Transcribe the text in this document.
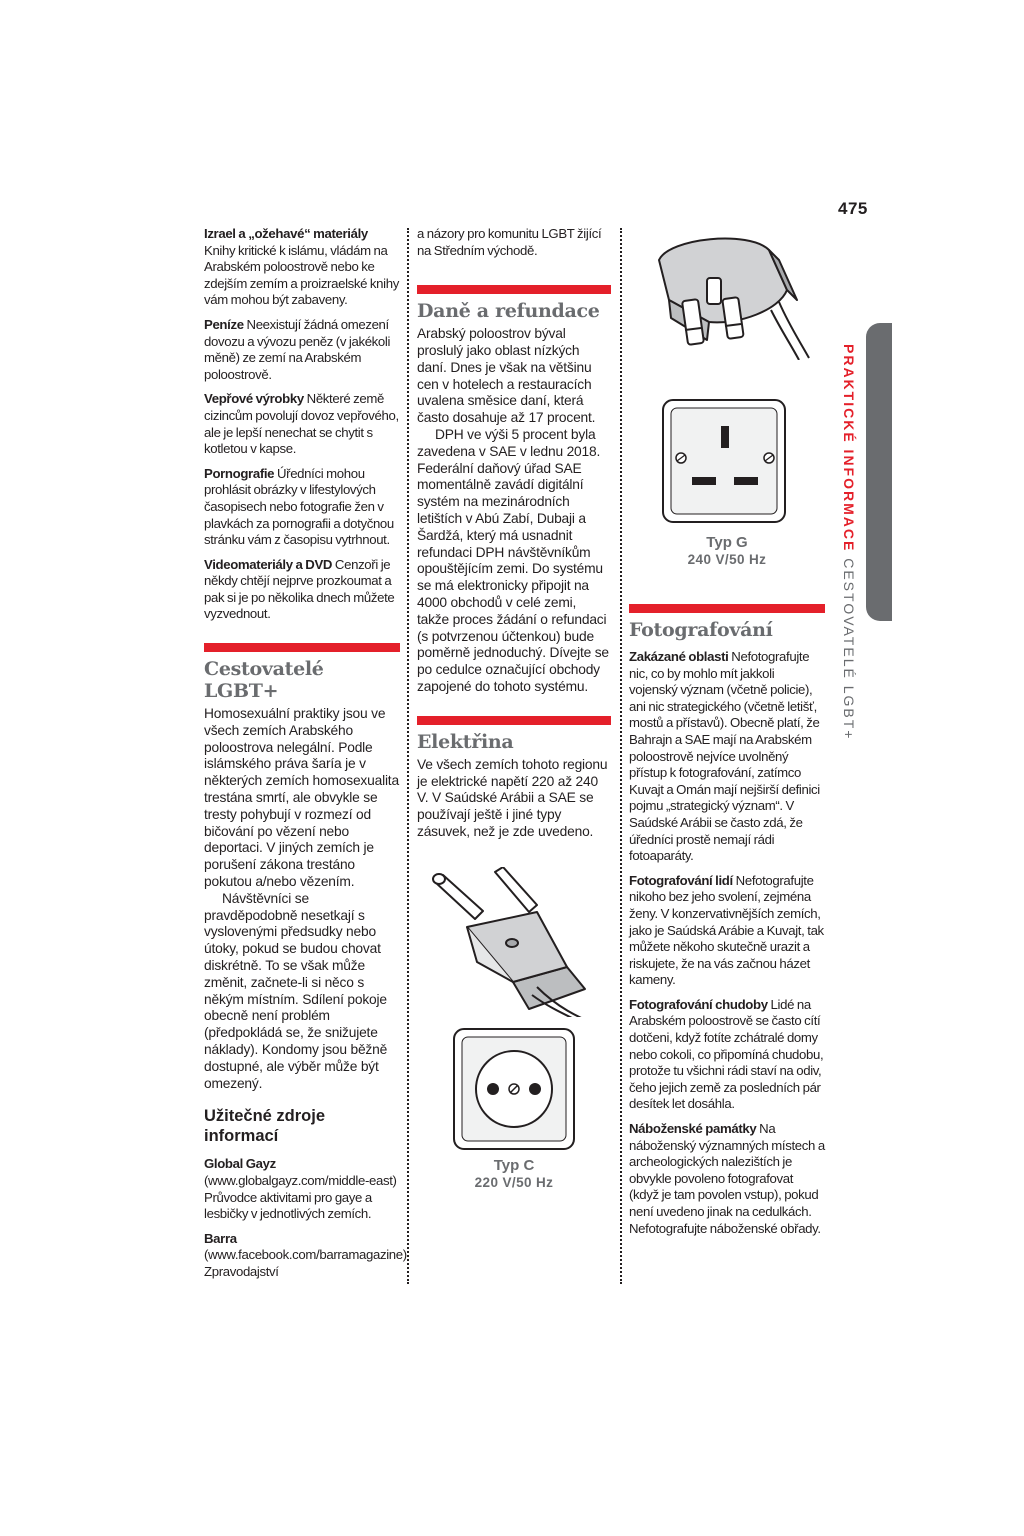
475
PRAKTICKÉ INFORMACE CESTOVATELÉ LGBT+

Izrael a „ožehavé“ materiály
Knihy kritické k islámu, vládám na Arabském poloostrově nebo ke zdejším zemím a proizraelské knihy vám mohou být zabaveny.

Peníze Neexistují žádná omezení dovozu a vývozu peněz (v jakékoli měně) ze zemí na Arabském poloostrově.

Vepřové výrobky Některé země cizincům povolují dovoz vepřového, ale je lepší nenechat se chytit s kotletou v kapse.

Pornografie Úředníci mohou prohlásit obrázky v lifestylových časopisech nebo fotografie žen v plavkách za pornografii a dotyčnou stránku vám z časopisu vytrhnout.

Videomateriály a DVD Cenzoři je někdy chtějí nejprve prozkoumat a pak si je po několika dnech můžete vyzvednout.

Cestovatelé LGBT+

Homosexuální praktiky jsou ve všech zemích Arabského poloostrova nelegální. Podle islámského práva šaría je v některých zemích homosexualita trestána smrtí, ale obvykle se tresty pohybují v rozmezí od bičování po vězení nebo deportaci. V jiných zemích je porušení zákona trestáno pokutou a/nebo vězením.

Návštěvníci se pravděpodobně nesetkají s vyslovenými předsudky nebo útoky, pokud se budou chovat diskrétně. To se však může změnit, začnete-li si něco s někým místním. Sdílení pokoje obecně není problém (předpokládá se, že snižujete náklady). Kondomy jsou běžně dostupné, ale výběr může být omezený.

Užitečné zdroje informací

Global Gayz (www.globalgayz.com/middle-east) Průvodce aktivitami pro gaye a lesbičky v jednotlivých zemích.

Barra (www.facebook.com/barramagazine) Zpravodajství

a názory pro komunitu LGBT žijící na Středním východě.

Daně a refundace

Arabský poloostrov býval proslulý jako oblast nízkých daní. Dnes je však na většinu cen v hotelech a restauracích uvalena směsice daní, která často dosahuje až 17 procent.

DPH ve výši 5 procent byla zavedena v SAE v lednu 2018. Federální daňový úřad SAE momentálně zavádí digitální systém na mezinárodních letištích v Abú Zabí, Dubaji a Šardžá, který má usnadnit refundaci DPH návštěvníkům opouštějícím zemi. Do systému se má elektronicky připojit na 4000 obchodů v celé zemi, takže proces žádání o refundaci (s potvrzenou účtenkou) bude poměrně jednoduchý. Dívejte se po cedulce označující obchody zapojené do tohoto systému.

Elektřina

Ve všech zemích tohoto regionu je elektrické napětí 220 až 240 V. V Saúdské Arábii a SAE se používají ještě i jiné typy zásuvek, než je zde uvedeno.

Typ C

220 V/50 Hz

Typ G

240 V/50 Hz

Fotografování

Zakázané oblasti Nefotografujte nic, co by mohlo mít jakkoli vojenský význam (včetně policie), ani nic strategického (včetně letišť, mostů a přístavů). Obecně platí, že Bahrajn a SAE mají na Arabském poloostrově nejvíce uvolněný přístup k fotografování, zatímco Kuvajt a Omán mají nejširší definici pojmu „strategický význam“. V Saúdské Arábii se často zdá, že úředníci prostě nemají rádi fotoaparáty.

Fotografování lidí Nefotografujte nikoho bez jeho svolení, zejména ženy. V konzervativnějších zemích, jako je Saúdská Arábie a Kuvajt, tak můžete někoho skutečně urazit a riskujete, že na vás začnou házet kameny.

Fotografování chudoby Lidé na Arabském poloostrově se často cítí dotčeni, když fotíte zchátralé domy nebo cokoli, co připomíná chudobu, protože tu všichni rádi staví na odiv, čeho jejich země za posledních pár desítek let dosáhla.

Náboženské památky Na náboženský významných místech a archeologických nalezištích je obvykle povoleno fotografovat (když je tam povolen vstup), pokud není uvedeno jinak na cedulkách. Nefotografujte náboženské obřady.
